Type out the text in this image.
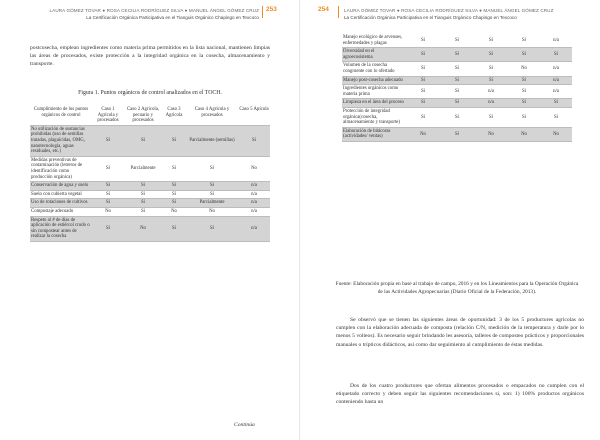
LAURA GÓMEZ TOVAR ● ROSA CECILIA RODRÍGUEZ SILVA ● MANUEL ÁNGEL GÓMEZ CRUZ
La Certificación Orgánica Participativa en el Tianguis Orgánico Chapingo en Texcoco
253
postcosecha, emplean ingredientes como materia prima permitidos en la lista nacional, mantienen limpias las áreas de procesados, existe protección a la integridad orgánica en la cosecha, almacenamiento y transporte.
Figura 1. Puntos orgánicos de control analizados en el TOCH.
Cumplimiento de los puntos orgánicos de control	Caso 1 Agrícola y procesados	Caso 2 Agrícola, pecuario y procesados	Caso 3 Agrícola	Caso 4 Agrícola y procesados	Caso 5 Apícola
No utilización de sustancias prohibidas (uso de semillas tratadas, plaguicidas, OMG, nanotecnología, aguas residuales, etc.)	Sí	Sí	Sí	Parcialmente (semillas)	Sí
Medidas preventivas de contaminación (letreros de identificación como producción orgánica)	Sí	Parcialmente	Sí	Sí	No
Conservación de agua y suelo	Sí	Sí	Sí	Sí	n/a
Suelo con cubierta vegetal	Sí	Sí	Sí	Sí	n/a
Uso de rotaciones de cultivos	Sí	Sí	Sí	Parcialmente	n/a
Compostaje adecuado	No	Sí	No	No	n/a
Respeto al # de días de aplicación de estiércol crudo o sin compostear antes de realizar la cosecha	Sí	No	Sí	Sí	n/a
Continúa
254	LAURA GÓMEZ TOVAR ● ROSA CECILIA RODRÍGUEZ SILVA ● MANUEL ÁNGEL GÓMEZ CRUZ
La Certificación Orgánica Participativa en el Tianguis Orgánico Chapingo en Texcoco
Manejo ecológico de arvenses, enfermedades y plagas	Sí	Sí	Sí	Sí	n/a
Diversidad en el agroecosistema	Sí	Sí	Sí	Sí	Sí
Volumen de la cosecha congruente con lo ofertado	Sí	Sí	Sí	No	n/a
Manejo post-cosecha adecuado	Sí	Sí	Sí	Sí	n/a
Ingredientes orgánicos como materia prima	Sí	Sí	n/a	Sí	n/a
Limpieza en el área del proceso	Sí	Sí	n/a	Sí	Sí
Protección de integridad orgánica(cosecha, almacenamiento y transporte)	Sí	Sí	Sí	Sí	Sí
Elaboración de bitácoras (actividades/ ventas)	No	Sí	No	No	No
Fuente: Elaboración propia en base al trabajo de campo, 2016 y en los Lineamientos para la Operación Orgánica de las Actividades Agropecuarias (Diario Oficial de la Federación, 2013).
Se observó que se tienen las siguientes áreas de oportunidad: 3 de los 5 productores agrícolas no cumplen con la elaboración adecuada de composta (relación C/N, medición de la temperatura y darle por lo menos 5 volteos). Es necesario seguir brindando les asesoría, talleres de composteo prácticos y proporcionales manuales o trípticos didácticos, así como dar seguimiento al cumplimiento de éstas medidas.
Dos de los cuatro productores que ofertan alimentos procesados o empacados no cumplen con el etiquetado correcto y deben seguir las siguientes recomendaciones si, son: 1) 100% productos orgánicos conteniendo hasta un
